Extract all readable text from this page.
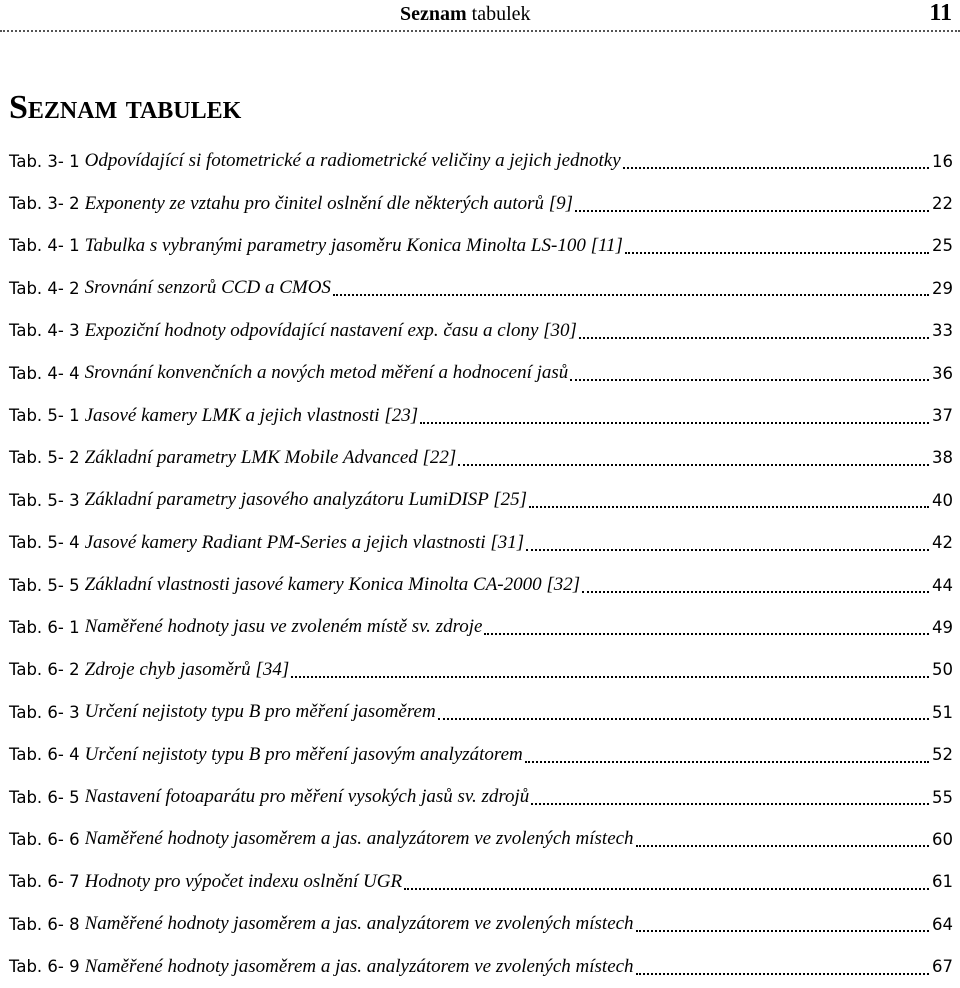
Seznam tabulek	11
Seznam tabulek
Tab. 3- 1 Odpovídající si fotometrické a radiometrické veličiny a jejich jednotky	16
Tab. 3- 2 Exponenty ze vztahu pro činitel oslnění dle některých autorů [9]	22
Tab. 4- 1 Tabulka s vybranými parametry jasoměru Konica Minolta LS-100 [11]	25
Tab. 4- 2 Srovnání senzorů CCD a CMOS	29
Tab. 4- 3 Expoziční hodnoty odpovídající nastavení exp. času a clony [30]	33
Tab. 4- 4 Srovnání konvenčních a nových metod měření a hodnocení jasů	36
Tab. 5- 1 Jasové kamery LMK a jejich vlastnosti [23]	37
Tab. 5- 2 Základní parametry LMK Mobile Advanced [22]	38
Tab. 5- 3 Základní parametry jasového analyzátoru LumiDISP [25]	40
Tab. 5- 4 Jasové kamery Radiant PM-Series a jejich vlastnosti [31]	42
Tab. 5- 5 Základní vlastnosti jasové kamery Konica Minolta CA-2000 [32]	44
Tab. 6- 1 Naměřené hodnoty jasu ve zvoleném místě sv. zdroje	49
Tab. 6- 2 Zdroje chyb jasoměrů [34]	50
Tab. 6- 3 Určení nejistoty typu B pro měření jasoměrem	51
Tab. 6- 4 Určení nejistoty typu B pro měření jasovým analyzátorem	52
Tab. 6- 5 Nastavení fotoaparátu pro měření vysokých jasů sv. zdrojů	55
Tab. 6- 6 Naměřené hodnoty jasoměrem a jas. analyzátorem ve zvolených místech	60
Tab. 6- 7 Hodnoty pro výpočet indexu oslnění UGR	61
Tab. 6- 8 Naměřené hodnoty jasoměrem a jas. analyzátorem ve zvolených místech	64
Tab. 6- 9 Naměřené hodnoty jasoměrem a jas. analyzátorem ve zvolených místech	67
